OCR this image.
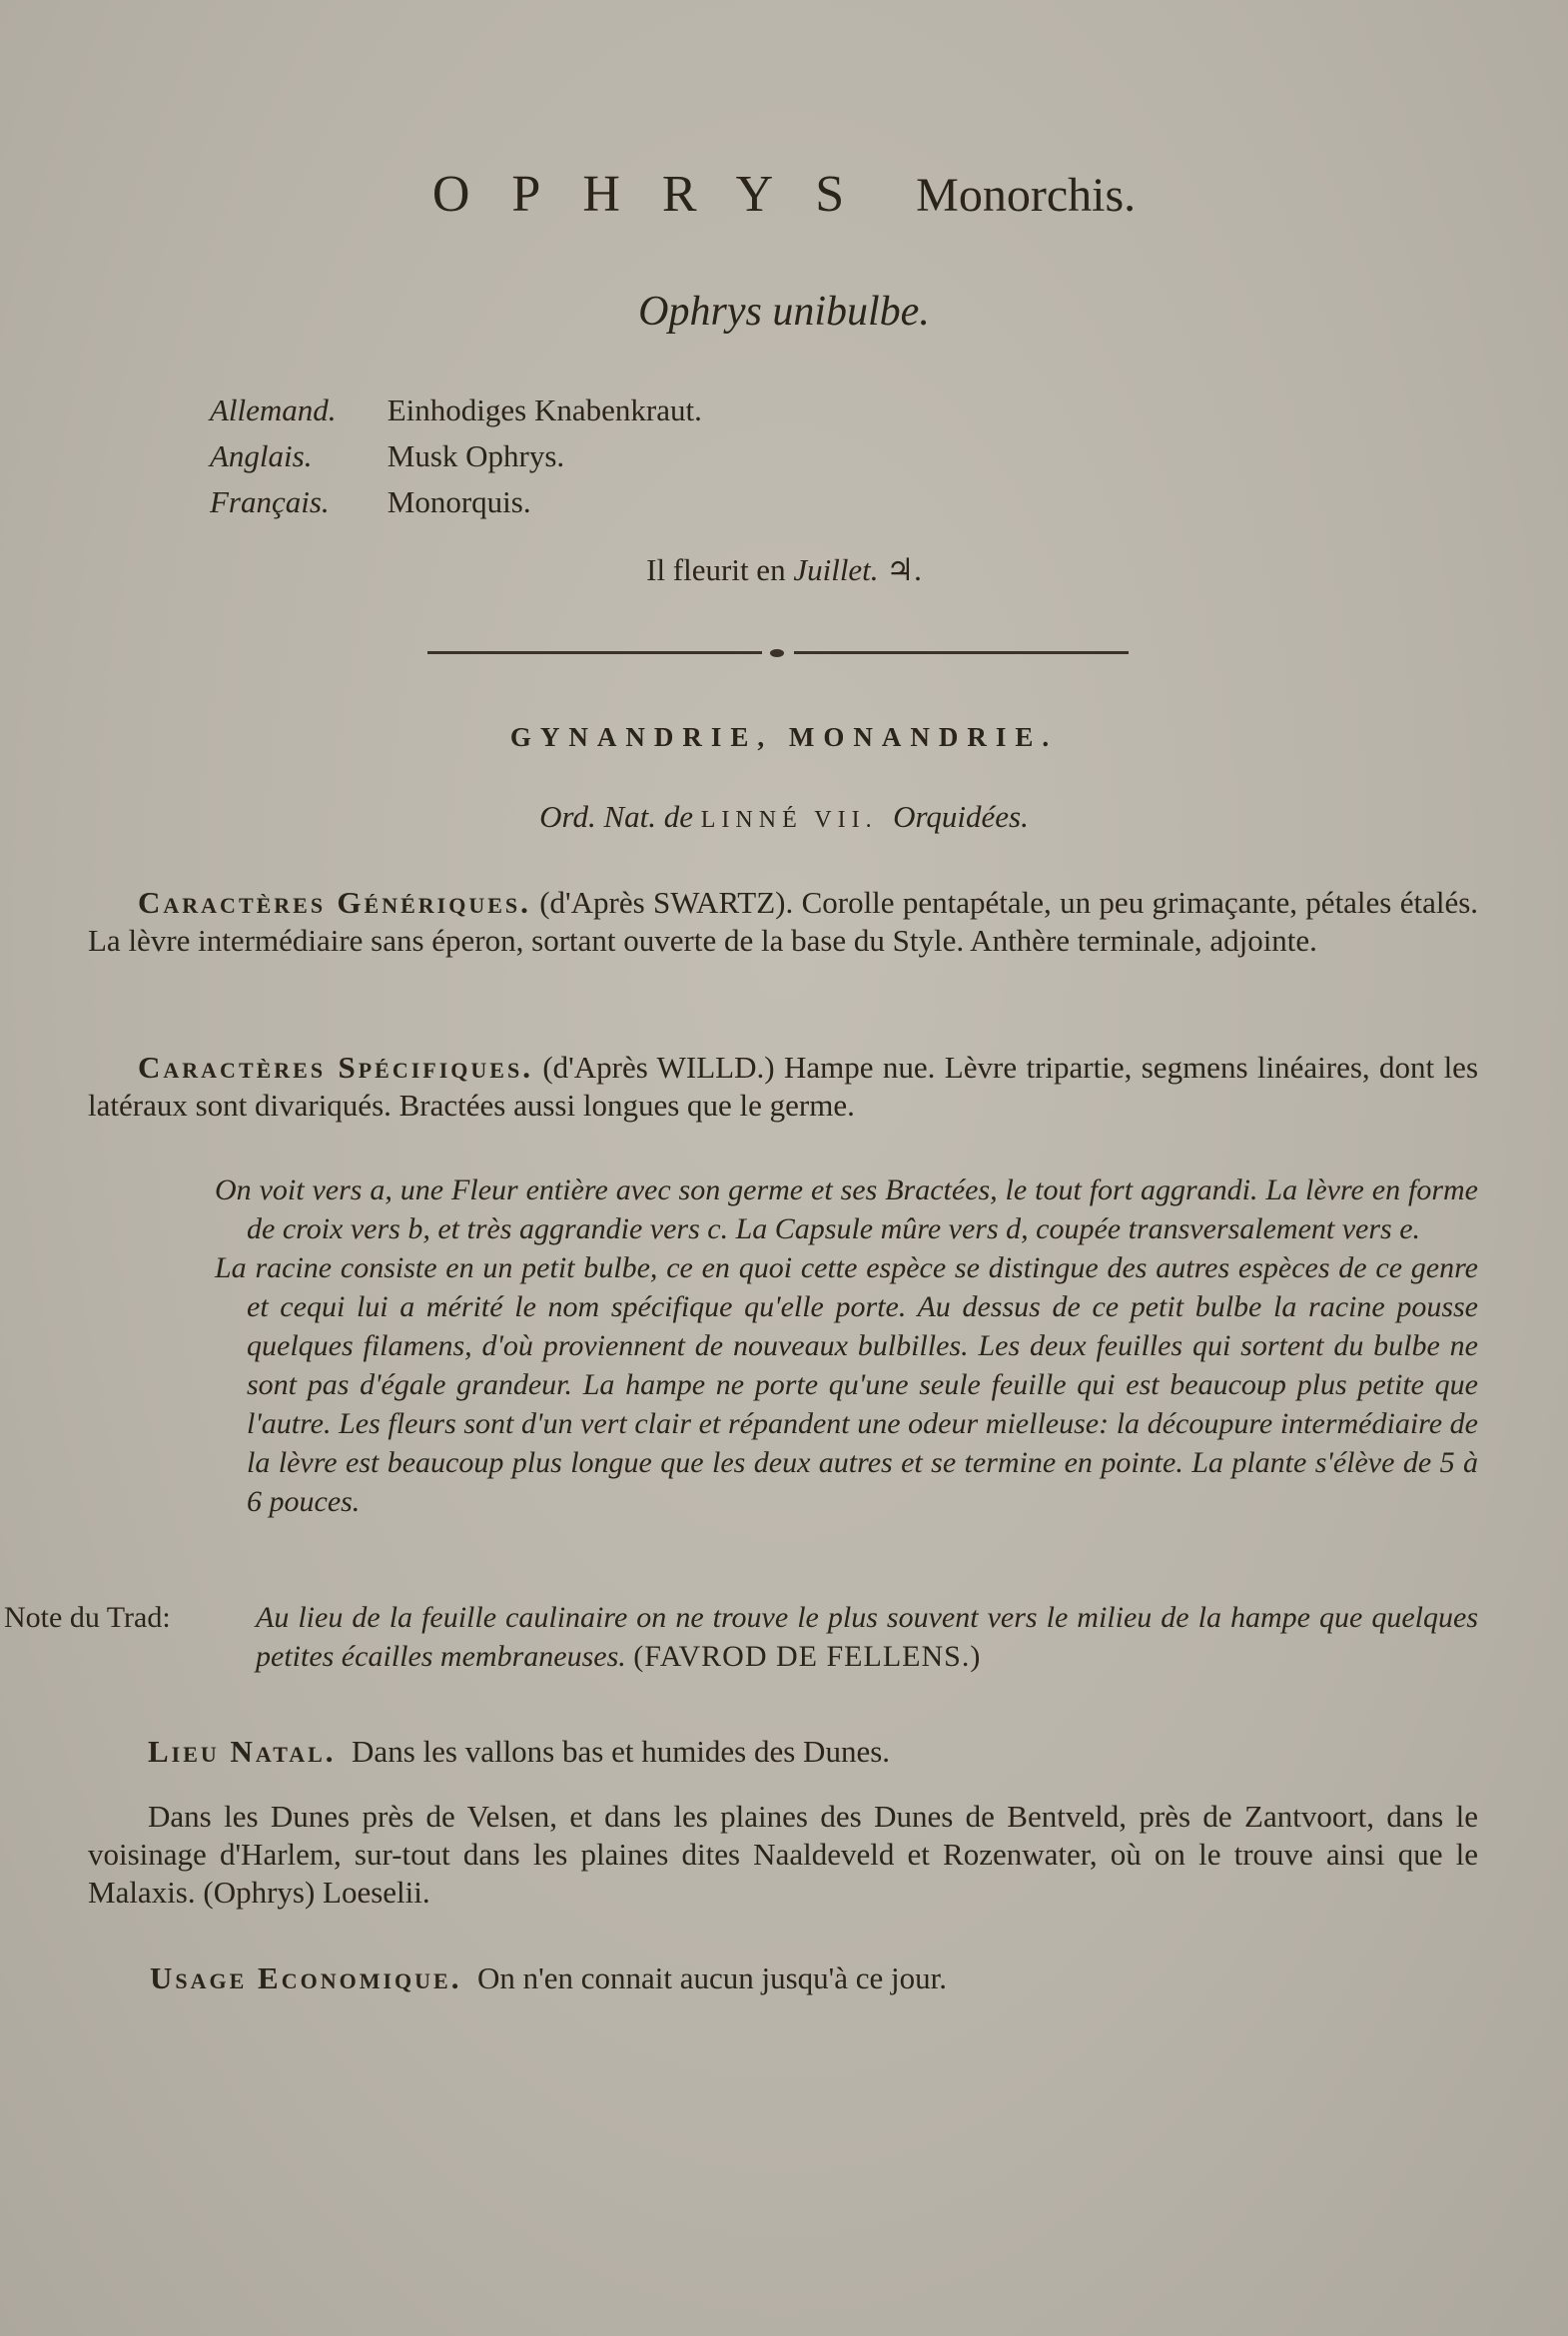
OPHRYS Monorchis.
Ophrys unibulbe.
Allemand. Einhodiges Knabenkraut.
Anglais. Musk Ophrys.
Français. Monorquis.
Il fleurit en Juillet. ♃.
GYNANDRIE, MONANDRIE.
Ord. Nat. de LINNÉ VII. Orquidées.
Caractères Génériques. (d'Après SWARTZ). Corolle pentapétale, un peu grimaçante, pétales étalés. La lèvre intermédiaire sans éperon, sortant ouverte de la base du Style. Anthère terminale, adjointe.
Caractères Spécifiques. (d'Après WILLD.) Hampe nue. Lèvre tripartie, segmens linéaires, dont les latéraux sont divariqués. Bractées aussi longues que le germe.

On voit vers a, une Fleur entière avec son germe et ses Bractées, le tout fort aggrandi. La lèvre en forme de croix vers b, et très aggrandie vers c. La Capsule mûre vers d, coupée transversalement vers e.

La racine consiste en un petit bulbe, ce en quoi cette espèce se distingue des autres espèces de ce genre et cequi lui a mérité le nom spécifique qu'elle porte. Au dessus de ce petit bulbe la racine pousse quelques filamens, d'où proviennent de nouveaux bulbilles. Les deux feuilles qui sortent du bulbe ne sont pas d'égale grandeur. La hampe ne porte qu'une seule feuille qui est beaucoup plus petite que l'autre. Les fleurs sont d'un vert clair et répandent une odeur mielleuse: la découpure intermédiaire de la lèvre est beaucoup plus longue que les deux autres et se termine en pointe. La plante s'élève de 5 à 6 pouces.

Note du Trad:	Au lieu de la feuille caulinaire on ne trouve le plus souvent vers le milieu de la hampe que quelques petites écailles membraneuses. (FAVROD DE FELLENS.)
Lieu Natal. Dans les vallons bas et humides des Dunes.
Dans les Dunes près de Velsen, et dans les plaines des Dunes de Bentveld, près de Zantvoort, dans le voisinage d'Harlem, sur-tout dans les plaines dites Naaldeveld et Rozenwater, où on le trouve ainsi que le Malaxis. (Ophrys) Loeselii.
Usage Economique. On n'en connait aucun jusqu'à ce jour.
